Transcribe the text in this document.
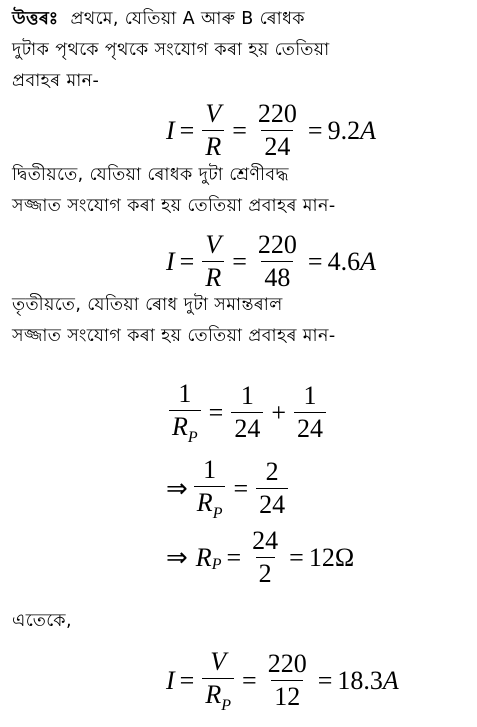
উত্তৰঃ  প্ৰথমে, যেতিয়া A আৰু B ৰোধক
দুটাক পৃথকে পৃথকে সংযোগ কৰা হয় তেতিয়া
প্ৰবাহৰ মান-
$I = \frac{V}{R} = \frac{220}{24} = 9.2$ A
দ্বিতীয়তে, যেতিয়া ৰোধক দুটা শ্ৰেণীবদ্ধ
সজ্জাত সংযোগ কৰা হয় তেতিয়া প্ৰবাহৰ মান-
$I = \frac{V}{R} = \frac{220}{48} = 4.6$ A
তৃতীয়তে, যেতিয়া ৰোধ দুটা সমান্তৰাল
সজ্জাত সংযোগ কৰা হয় তেতিয়া প্ৰবাহৰ মান-
$\frac{1}{R_P} = \frac{1}{24} + \frac{1}{24}$
⇒ $\frac{1}{R_P} = \frac{2}{24}$
⇒ R $P = \frac{24}{2} = 12$ Ω
এতেকে,
$I = \frac{V}{R_P} = \frac{220}{12} = 18.3$ A
